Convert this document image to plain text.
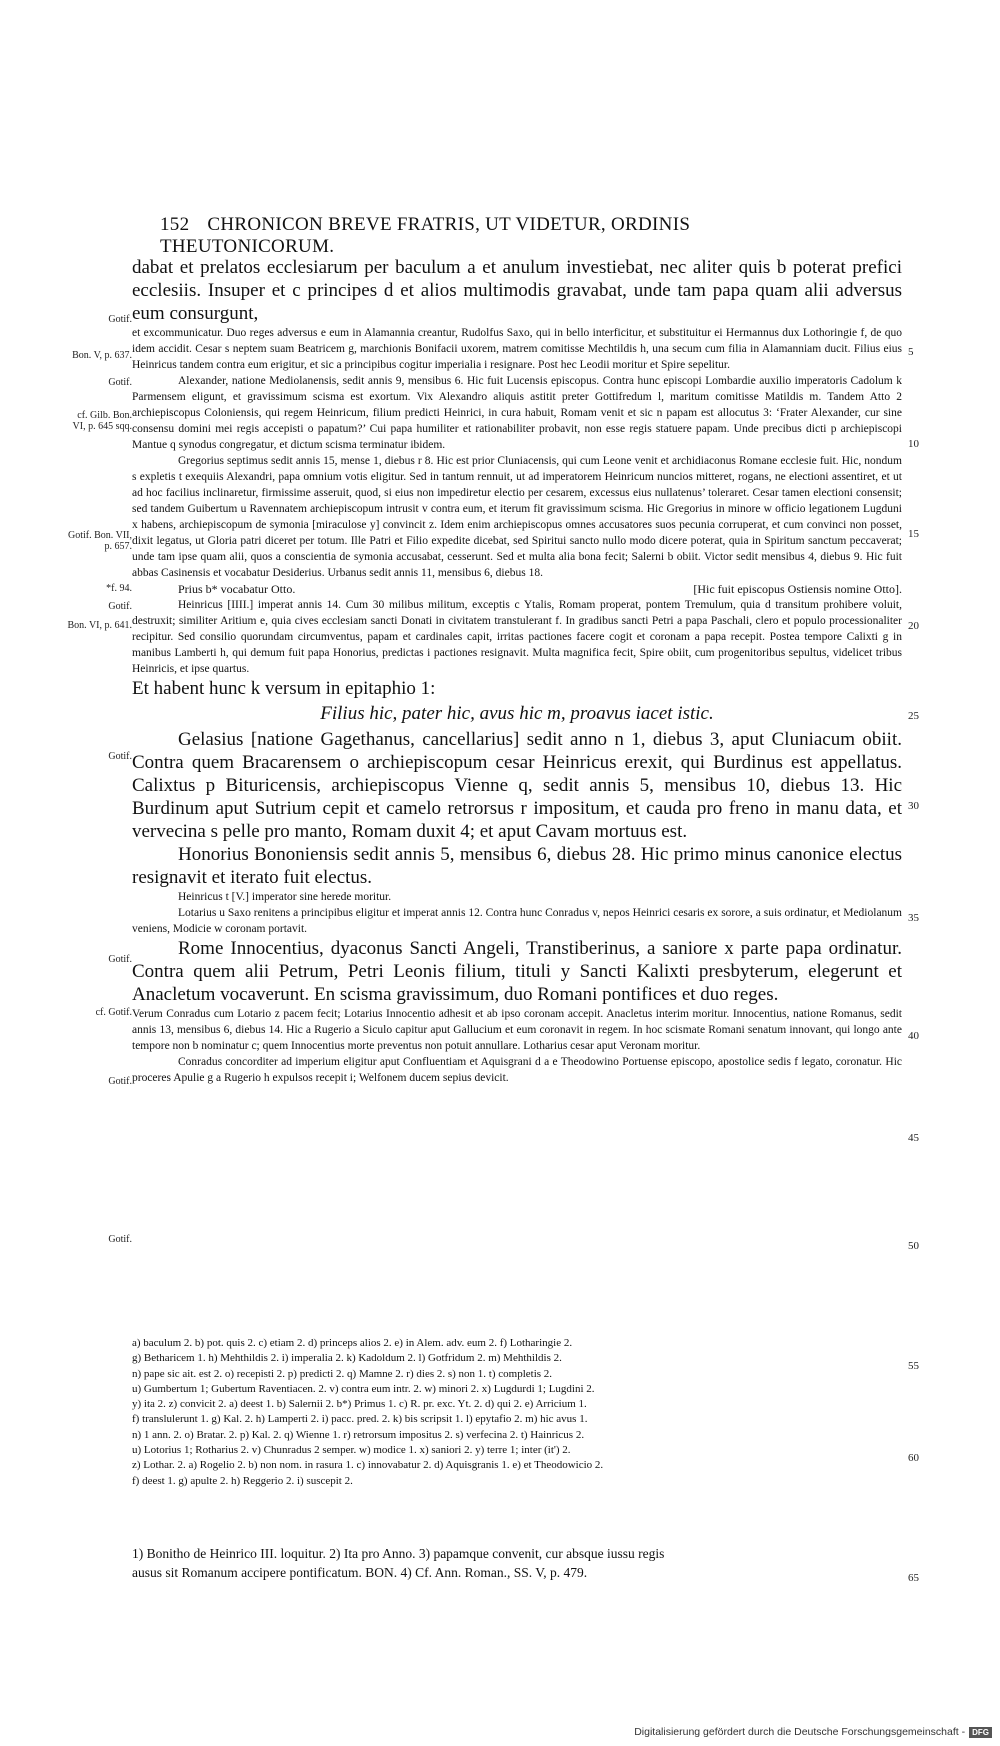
152 CHRONICON BREVE FRATRIS, UT VIDETUR, ORDINIS THEUTONICORUM.
Gotif.
Bon. V, p. 637.
Gotif.
cf. Gilb. Bon. VI, p. 645 sqq.
Gotif. Bon. VII, p. 657.
*f. 94.
Gotif.
Bon. VI, p. 641.
Gotif.
Gotif.
cf. Gotif.
Gotif.
Gotif.
5
10
15
20
25
30
35
40
45
50
55
60
65

dabat et prelatos ecclesiarum per baculum a et anulum investiebat, nec aliter quis b poterat prefici ecclesiis. Insuper et c principes d et alios multimodis gravabat, unde tam papa quam alii adversus eum consurgunt,

et excommunicatur. Duo reges adversus e eum in Alamannia creantur, Rudolfus Saxo, qui in bello interficitur, et substituitur ei Hermannus dux Lothoringie f, de quo idem accidit. Cesar s neptem suam Beatricem g, marchionis Bonifacii uxorem, matrem comitisse Mechtildis h, una secum cum filia in Alamanniam ducit. Filius eius Heinricus tandem contra eum erigitur, et sic a principibus cogitur imperialia i resignare. Post hec Leodii moritur et Spire sepelitur.

Alexander, natione Mediolanensis, sedit annis 9, mensibus 6. Hic fuit Lucensis episcopus. Contra hunc episcopi Lombardie auxilio imperatoris Cadolum k Parmensem eligunt, et gravissimum scisma est exortum. Vix Alexandro aliquis astitit preter Gottifredum l, maritum comitisse Matildis m. Tandem Atto 2 archiepiscopus Coloniensis, qui regem Heinricum, filium predicti Heinrici, in cura habuit, Romam venit et sic n papam est allocutus 3: ‘Frater Alexander, cur sine consensu domini mei regis accepisti o papatum?’ Cui papa humiliter et rationabiliter probavit, non esse regis statuere papam. Unde precibus dicti p archiepiscopi Mantue q synodus congregatur, et dictum scisma terminatur ibidem.

Gregorius septimus sedit annis 15, mense 1, diebus r 8. Hic est prior Cluniacensis, qui cum Leone venit et archidiaconus Romane ecclesie fuit. Hic, nondum s expletis t exequiis Alexandri, papa omnium votis eligitur. Sed in tantum rennuit, ut ad imperatorem Heinricum nuncios mitteret, rogans, ne electioni assentiret, et ut ad hoc facilius inclinaretur, firmissime asseruit, quod, si eius non impediretur electio per cesarem, excessus eius nullatenus’ toleraret. Cesar tamen electioni consensit; sed tandem Guibertum u Ravennatem archiepiscopum intrusit v contra eum, et iterum fit gravissimum scisma. Hic Gregorius in minore w officio legationem Lugduni x habens, archiepiscopum de symonia [miraculose y] convincit z. Idem enim archiepiscopus omnes accusatores suos pecunia corruperat, et cum convinci non posset, dixit legatus, ut Gloria patri diceret per totum. Ille Patri et Filio expedite dicebat, sed Spiritui sancto nullo modo dicere poterat, quia in Spiritum sanctum peccaverat; unde tam ipse quam alii, quos a conscientia de symonia accusabat, cesserunt. Sed et multa alia bona fecit; Salerni b obiit. Victor sedit mensibus 4, diebus 9. Hic fuit abbas Casinensis et vocabatur Desiderius. Urbanus sedit annis 11, mensibus 6, diebus 18.

Prius b* vocabatur Otto.	[Hic fuit episcopus Ostiensis nomine Otto].

Heinricus [IIII.] imperat annis 14. Cum 30 milibus militum, exceptis c Ytalis, Romam properat, pontem Tremulum, quia d transitum prohibere voluit, destruxit; similiter Aritium e, quia cives ecclesiam sancti Donati in civitatem transtulerant f. In gradibus sancti Petri a papa Paschali, clero et populo processionaliter recipitur. Sed consilio quorundam circumventus, papam et cardinales capit, irritas pactiones facere cogit et coronam a papa recepit. Postea tempore Calixti g in manibus Lamberti h, qui demum fuit papa Honorius, predictas i pactiones resignavit. Multa magnifica fecit, Spire obiit, cum progenitoribus sepultus, videlicet tribus Heinricis, et ipse quartus.

Et habent hunc k versum in epitaphio 1:

Filius hic, pater hic, avus hic m, proavus iacet istic.

Gelasius [natione Gagethanus, cancellarius] sedit anno n 1, diebus 3, aput Cluniacum obiit. Contra quem Bracarensem o archiepiscopum cesar Heinricus erexit, qui Burdinus est appellatus. Calixtus p Bituricensis, archiepiscopus Vienne q, sedit annis 5, mensibus 10, diebus 13. Hic Burdinum aput Sutrium cepit et camelo retrorsus r impositum, et cauda pro freno in manu data, et vervecina s pelle pro manto, Romam duxit 4; et aput Cavam mortuus est.

Honorius Bononiensis sedit annis 5, mensibus 6, diebus 28. Hic primo minus canonice electus resignavit et iterato fuit electus.

Heinricus t [V.] imperator sine herede moritur.

Lotarius u Saxo renitens a principibus eligitur et imperat annis 12. Contra hunc Conradus v, nepos Heinrici cesaris ex sorore, a suis ordinatur, et Mediolanum veniens, Modicie w coronam portavit.

Rome Innocentius, dyaconus Sancti Angeli, Transtiberinus, a saniore x parte papa ordinatur. Contra quem alii Petrum, Petri Leonis filium, tituli y Sancti Kalixti presbyterum, elegerunt et Anacletum vocaverunt. En scisma gravissimum, duo Romani pontifices et duo reges.

Verum Conradus cum Lotario z pacem fecit; Lotarius Innocentio adhesit et ab ipso coronam accepit. Anacletus interim moritur. Innocentius, natione Romanus, sedit annis 13, mensibus 6, diebus 14. Hic a Rugerio a Siculo capitur aput Gallucium et eum coronavit in regem. In hoc scismate Romani senatum innovant, qui longo ante tempore non b nominatur c; quem Innocentius morte preventus non potuit annullare. Lotharius cesar aput Veronam moritur.

Conradus concorditer ad imperium eligitur aput Confluentiam et Aquisgrani d a e Theodowino Portuense episcopo, apostolice sedis f legato, coronatur. Hic proceres Apulie g a Rugerio h expulsos recepit i; Welfonem ducem sepius devicit.

a) baculum 2. b) pot. quis 2. c) etiam 2. d) princeps alios 2. e) in Alem. adv. eum 2. f) Lotharingie 2.
g) Betharicem 1. h) Mehthildis 2. i) imperalia 2. k) Kadoldum 2. l) Gotfridum 2. m) Mehthildis 2.
n) pape sic ait. est 2. o) recepisti 2. p) predicti 2. q) Mamne 2. r) dies 2. s) non 1. t) completis 2.
u) Gumbertum 1; Gubertum Raventiacen. 2. v) contra eum intr. 2. w) minori 2. x) Lugdurdi 1; Lugdini 2.
y) ita 2. z) convicit 2. a) deest 1. b) Salernii 2. b*) Primus 1. c) R. pr. exc. Yt. 2. d) qui 2. e) Arricium 1.
f) translulerunt 1. g) Kal. 2. h) Lamperti 2. i) pacc. pred. 2. k) bis scripsit 1. l) epytafio 2. m) hic avus 1.
n) 1 ann. 2. o) Bratar. 2. p) Kal. 2. q) Wienne 1. r) retrorsum impositus 2. s) verfecina 2. t) Hainricus 2.
u) Lotorius 1; Rotharius 2. v) Chunradus 2 semper. w) modice 1. x) saniori 2. y) terre 1; inter (it') 2.
z) Lothar. 2. a) Rogelio 2. b) non nom. in rasura 1. c) innovabatur 2. d) Aquisgranis 1. e) et Theodowicio 2.
f) deest 1. g) apulte 2. h) Reggerio 2. i) suscepit 2.
1) Bonitho de Heinrico III. loquitur. 2) Ita pro Anno. 3) papamque convenit, cur absque iussu regis
ausus sit Romanum accipere pontificatum. BON. 4) Cf. Ann. Roman., SS. V, p. 479.
Digitalisierung gefördert durch die Deutsche Forschungsgemeinschaft - DFG
